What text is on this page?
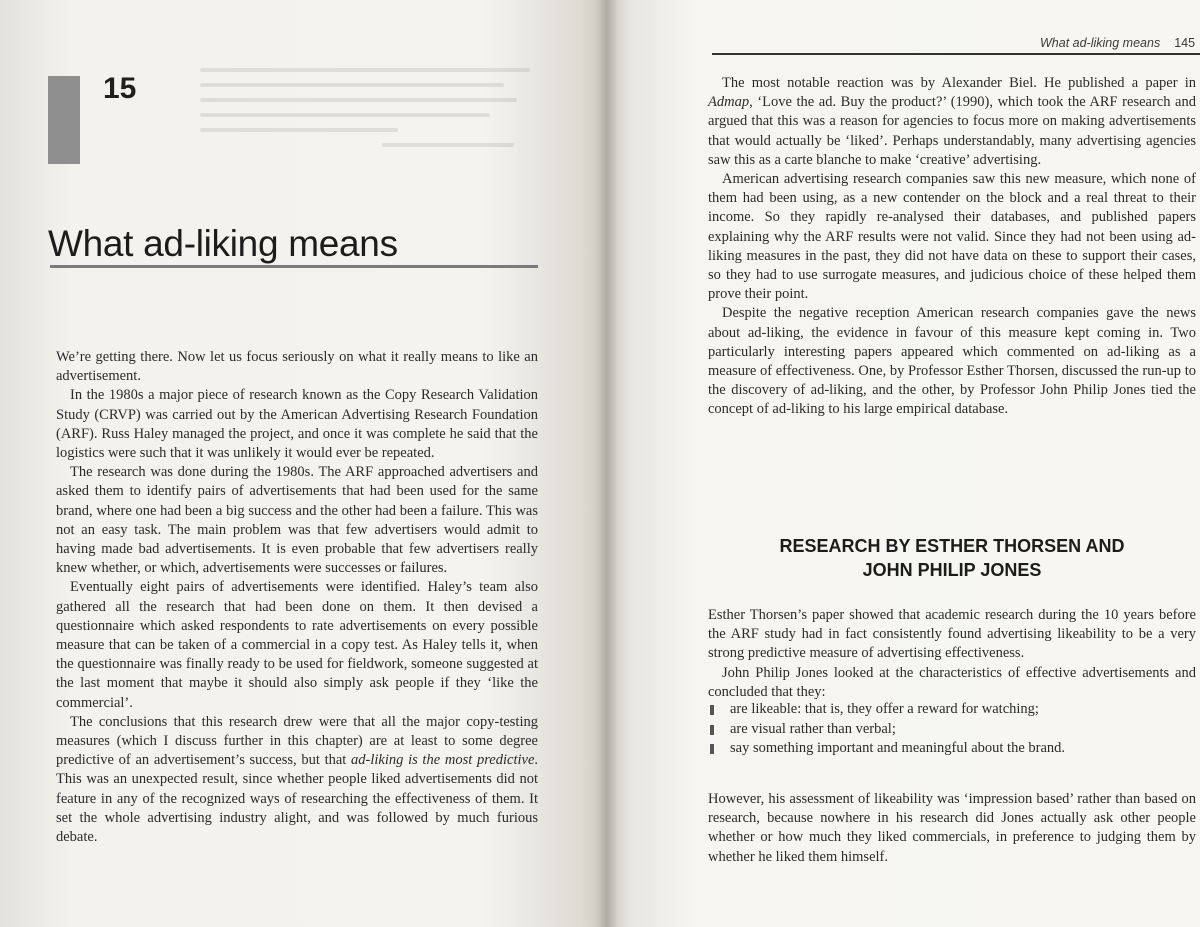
15
What ad-liking means

We’re getting there. Now let us focus seriously on what it really means to like an advertisement.

In the 1980s a major piece of research known as the Copy Research Validation Study (CRVP) was carried out by the American Advertising Research Foundation (ARF). Russ Haley managed the project, and once it was complete he said that the logistics were such that it was unlikely it would ever be repeated.

The research was done during the 1980s. The ARF approached advertisers and asked them to identify pairs of advertisements that had been used for the same brand, where one had been a big success and the other had been a failure. This was not an easy task. The main problem was that few advertisers would admit to having made bad advertisements. It is even probable that few advertisers really knew whether, or which, advertisements were successes or failures.

Eventually eight pairs of advertisements were identified. Haley’s team also gathered all the research that had been done on them. It then devised a questionnaire which asked respondents to rate advertisements on every possible measure that can be taken of a commercial in a copy test. As Haley tells it, when the questionnaire was finally ready to be used for fieldwork, someone suggested at the last moment that maybe it should also simply ask people if they ‘like the commercial’.

The conclusions that this research drew were that all the major copy-testing measures (which I discuss further in this chapter) are at least to some degree predictive of an advertisement’s success, but that ad-liking is the most predictive. This was an unexpected result, since whether people liked advertisements did not feature in any of the recognized ways of researching the effectiveness of them. It set the whole advertising industry alight, and was followed by much furious debate.

What ad-liking means 145

The most notable reaction was by Alexander Biel. He published a paper in Admap, ‘Love the ad. Buy the product?’ (1990), which took the ARF research and argued that this was a reason for agencies to focus more on making advertisements that would actually be ‘liked’. Perhaps understandably, many advertising agencies saw this as a carte blanche to make ‘creative’ advertising.

American advertising research companies saw this new measure, which none of them had been using, as a new contender on the block and a real threat to their income. So they rapidly re-analysed their databases, and published papers explaining why the ARF results were not valid. Since they had not been using ad-liking measures in the past, they did not have data on these to support their cases, so they had to use surrogate measures, and judicious choice of these helped them prove their point.

Despite the negative reception American research companies gave the news about ad-liking, the evidence in favour of this measure kept coming in. Two particularly interesting papers appeared which commented on ad-liking as a measure of effectiveness. One, by Professor Esther Thorsen, discussed the run-up to the discovery of ad-liking, and the other, by Professor John Philip Jones tied the concept of ad-liking to his large empirical database.

RESEARCH BY ESTHER THORSEN AND
JOHN PHILIP JONES

Esther Thorsen’s paper showed that academic research during the 10 years before the ARF study had in fact consistently found advertising likeability to be a very strong predictive measure of advertising effectiveness.

John Philip Jones looked at the characteristics of effective advertisements and concluded that they:

are likeable: that is, they offer a reward for watching;
are visual rather than verbal;
say something important and meaningful about the brand.

However, his assessment of likeability was ‘impression based’ rather than based on research, because nowhere in his research did Jones actually ask other people whether or how much they liked commercials, in preference to judging them by whether he liked them himself.
